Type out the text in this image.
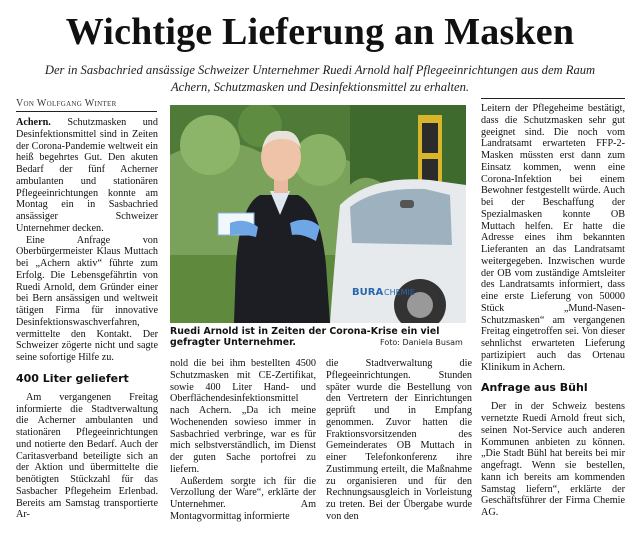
Wichtige Lieferung an Masken

Der in Sasbachried ansässige Schweizer Unternehmer Ruedi Arnold half Pflegeeinrichtungen aus dem Raum Achern, Schutzmasken und Desinfektionsmittel zu erhalten.

Von Wolfgang Winter

Achern. Schutzmasken und Desinfektionsmittel sind in Zeiten der Corona-Pandemie weltweit ein heiß begehrtes Gut. Den akuten Bedarf der fünf Acherner ambulanten und stationären Pflegeeinrichtungen konnte am Montag ein in Sasbachried ansässiger Schweizer Unternehmer decken.

Eine Anfrage von Oberbürgermeister Klaus Muttach bei „Achern aktiv“ führte zum Erfolg. Die Lebensgefährtin von Ruedi Arnold, dem Gründer einer bei Bern ansässigen und weltweit tätigen Firma für innovative Desinfektionswaschverfahren, vermittelte den Kontakt. Der Schweizer zögerte nicht und sagte seine sofortige Hilfe zu.

400 Liter geliefert

Am vergangenen Freitag informierte die Stadtverwaltung die Acherner ambulanten und stationären Pflegeeinrichtungen und notierte den Bedarf. Auch der Caritasverband beteiligte sich an der Aktion und übermittelte die benötigten Stückzahl für das Sasbacher Pflegeheim Erlenbad. Bereits am Samstag transportierte Ar-

BURA CHEMIE
Ruedi Arnold ist in Zeiten der Corona-Krise ein viel gefragter Unternehmer.	Foto: Daniela Busam

nold die bei ihm bestellten 4500 Schutzmasken mit CE-Zertifikat, sowie 400 Liter Hand- und Oberflächendesinfektionsmittel nach Achern. „Da ich meine Wochenenden sowieso immer in Sasbachried verbringe, war es für mich selbstverständlich, im Dienst der guten Sache portofrei zu liefern.

Außerdem sorgte ich für die Verzollung der Ware“, erklärte der Unternehmer. Am Montagvormittag informierte

die Stadtverwaltung die Pflegeeinrichtungen. Stunden später wurde die Bestellung von den Vertretern der Einrichtungen geprüft und in Empfang genommen. Zuvor hatten die Fraktionsvorsitzenden des Gemeinderates OB Muttach in einer Telefonkonferenz ihre Zustimmung erteilt, die Maßnahme zu organisieren und für den Rechnungsausgleich in Vorleistung zu treten. Bei der Übergabe wurde von den

Leitern der Pflegeheime bestätigt, dass die Schutzmasken sehr gut geeignet sind. Die noch vom Landratsamt erwarteten FFP-2-Masken müssten erst dann zum Einsatz kommen, wenn eine Corona-Infektion bei einem Bewohner festgestellt würde. Auch bei der Beschaffung der Spezialmasken konnte OB Muttach helfen. Er hatte die Adresse eines ihm bekannten Lieferanten an das Landratsamt weitergegeben. Inzwischen wurde der OB vom zuständige Amtsleiter des Landratsamts informiert, dass eine erste Lieferung von 50000 Stück „Mund-Nasen-Schutzmasken“ am vergangenen Freitag eingetroffen sei. Von dieser sehnlichst erwarteten Lieferung partizipiert auch das Ortenau Klinikum in Achern.

Anfrage aus Bühl

Der in der Schweiz bestens vernetzte Ruedi Arnold freut sich, seinen Not-Service auch anderen Kommunen anbieten zu können. „Die Stadt Bühl hat bereits bei mir angefragt. Wenn sie bestellen, kann ich bereits am kommenden Samstag liefern“, erklärte der Geschäftsführer der Firma Chemie AG.
